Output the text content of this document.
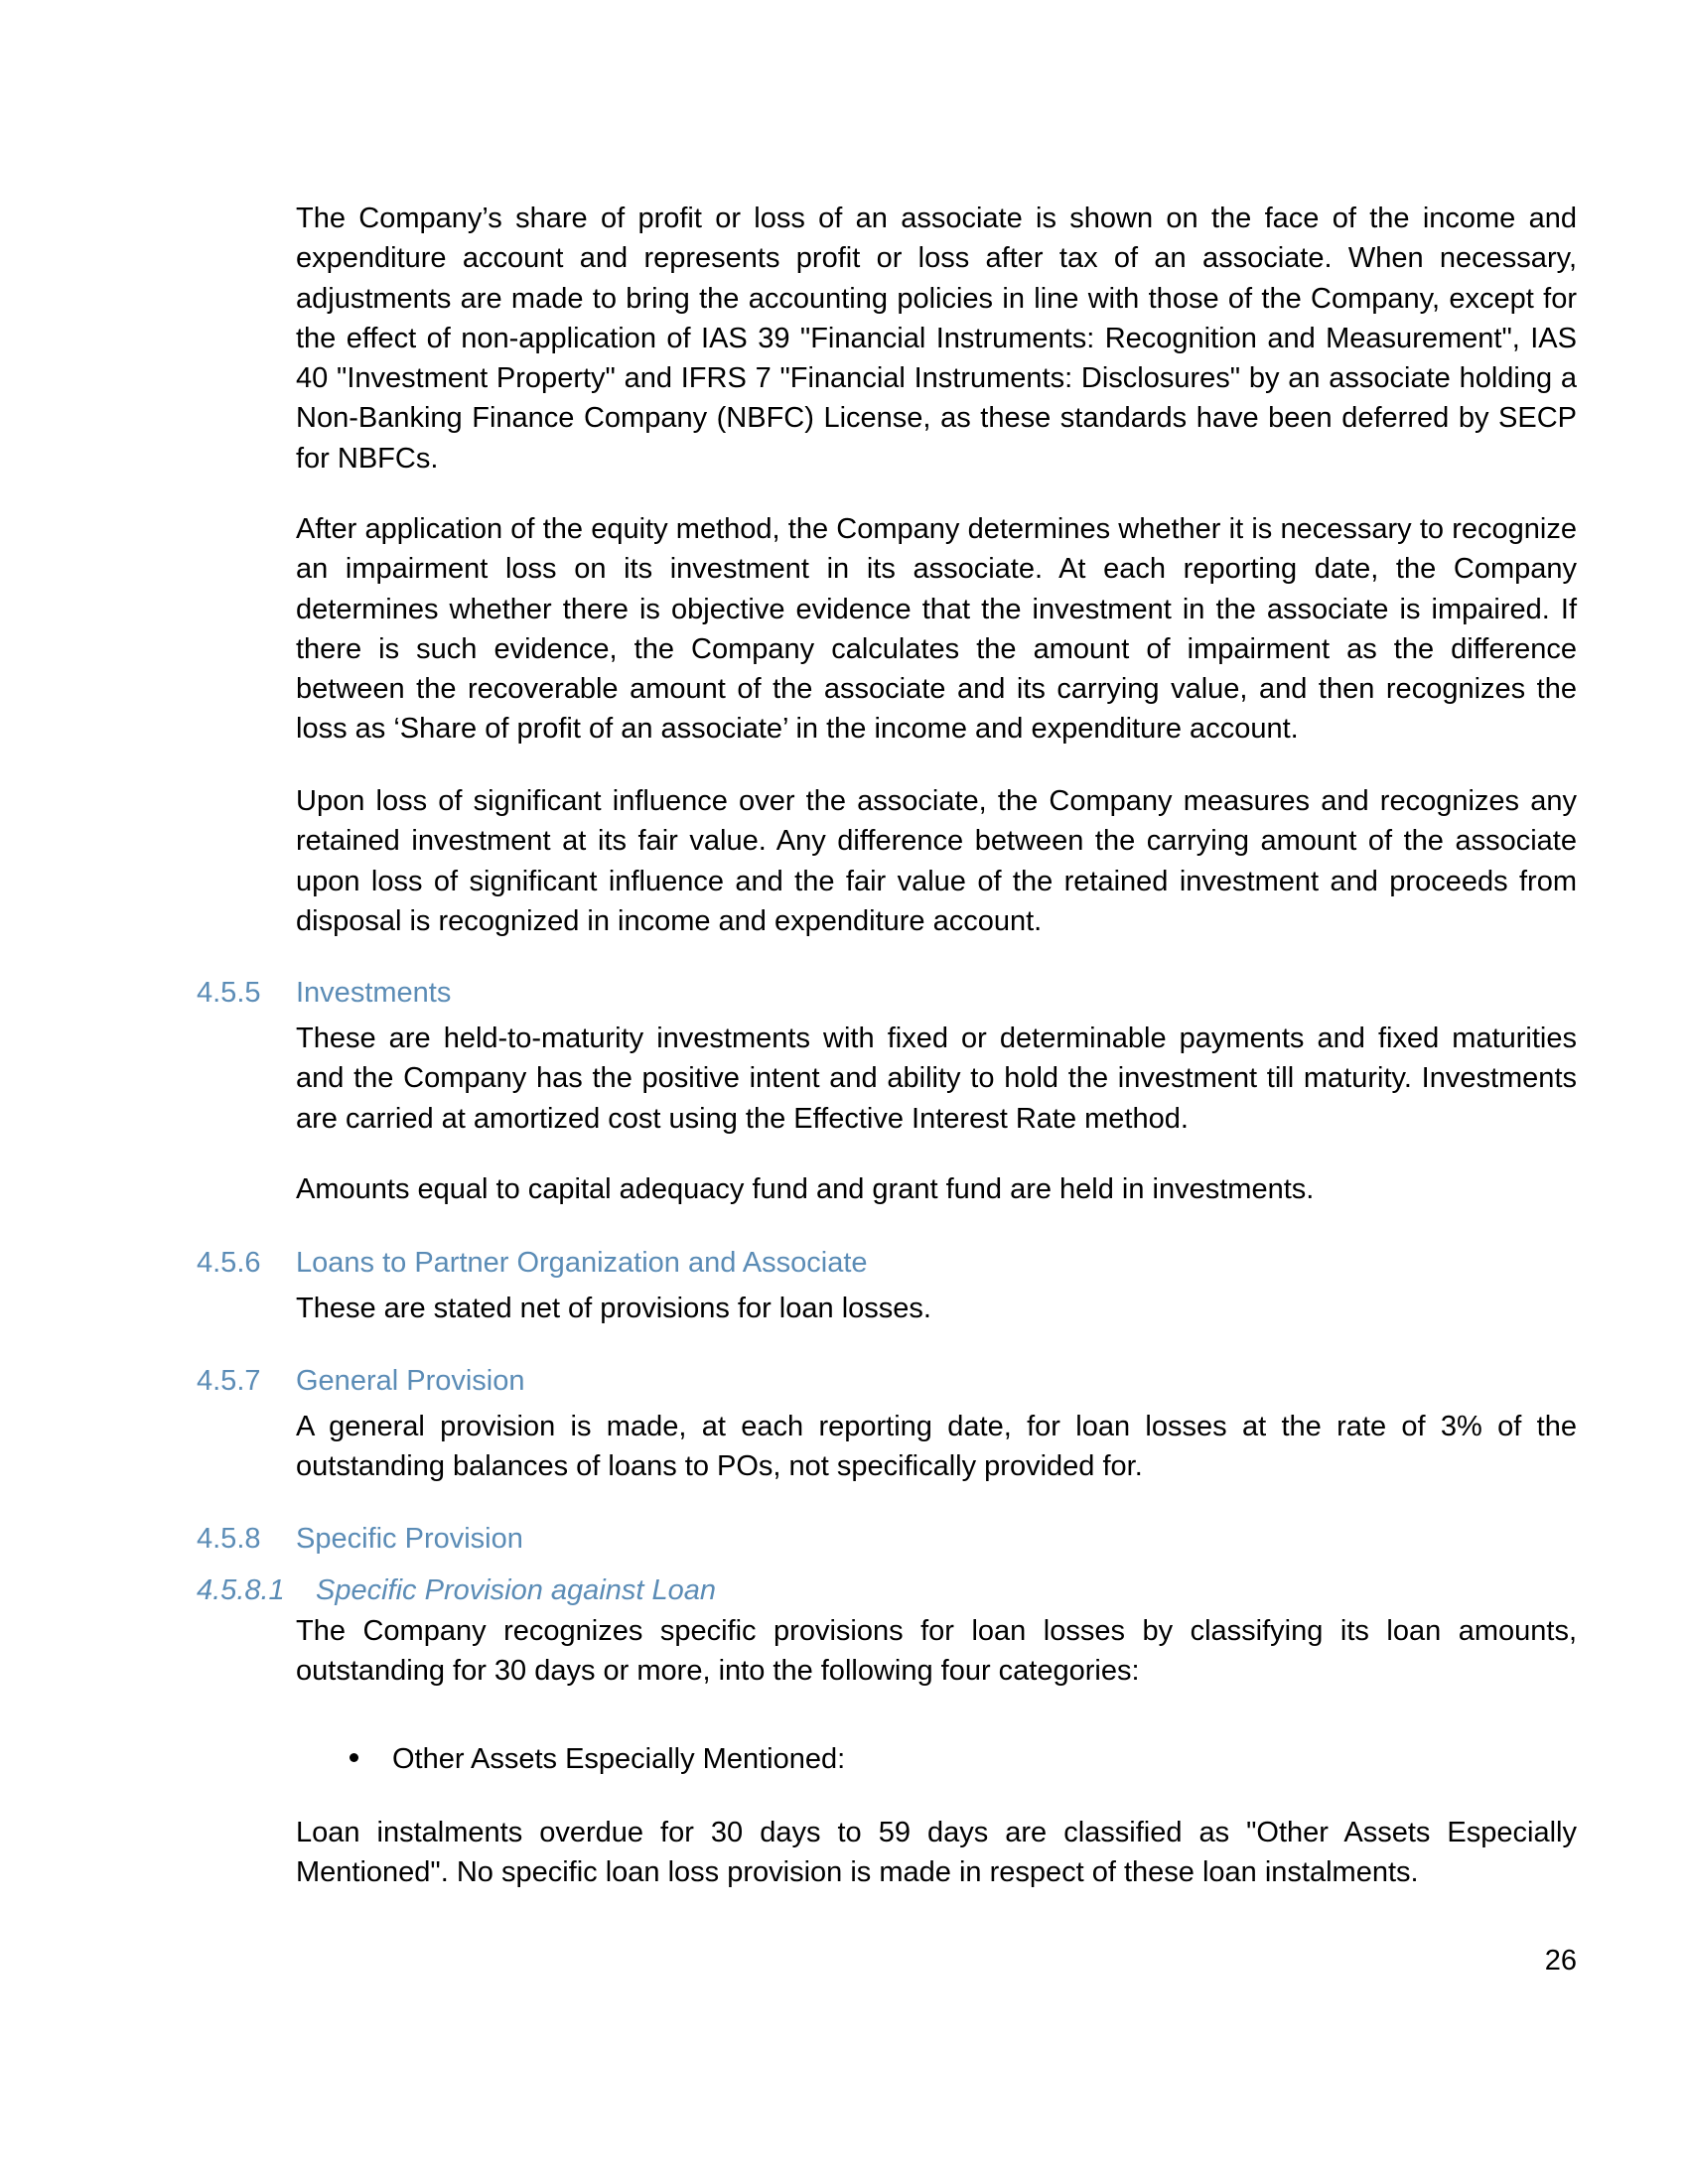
The Company’s share of profit or loss of an associate is shown on the face of the income and expenditure account and represents profit or loss after tax of an associate. When necessary, adjustments are made to bring the accounting policies in line with those of the Company, except for the effect of non-application of IAS 39 "Financial Instruments: Recognition and Measurement", IAS 40 "Investment Property" and IFRS 7 "Financial Instruments: Disclosures" by an associate holding a Non-Banking Finance Company (NBFC) License, as these standards have been deferred by SECP for NBFCs.

After application of the equity method, the Company determines whether it is necessary to recognize an impairment loss on its investment in its associate. At each reporting date, the Company determines whether there is objective evidence that the investment in the associate is impaired. If there is such evidence, the Company calculates the amount of impairment as the difference between the recoverable amount of the associate and its carrying value, and then recognizes the loss as ‘Share of profit of an associate’ in the income and expenditure account.

Upon loss of significant influence over the associate, the Company measures and recognizes any retained investment at its fair value. Any difference between the carrying amount of the associate upon loss of significant influence and the fair value of the retained investment and proceeds from disposal is recognized in income and expenditure account.

4.5.5 Investments

These are held-to-maturity investments with fixed or determinable payments and fixed maturities and the Company has the positive intent and ability to hold the investment till maturity. Investments are carried at amortized cost using the Effective Interest Rate method.

Amounts equal to capital adequacy fund and grant fund are held in investments.

4.5.6 Loans to Partner Organization and Associate

These are stated net of provisions for loan losses.

4.5.7 General Provision

A general provision is made, at each reporting date, for loan losses at the rate of 3% of the outstanding balances of loans to POs, not specifically provided for.

4.5.8 Specific Provision
4.5.8.1 Specific Provision against Loan

The Company recognizes specific provisions for loan losses by classifying its loan amounts, outstanding for 30 days or more, into the following four categories:

Other Assets Especially Mentioned:

Loan instalments overdue for 30 days to 59 days are classified as "Other Assets Especially Mentioned". No specific loan loss provision is made in respect of these loan instalments.

26
